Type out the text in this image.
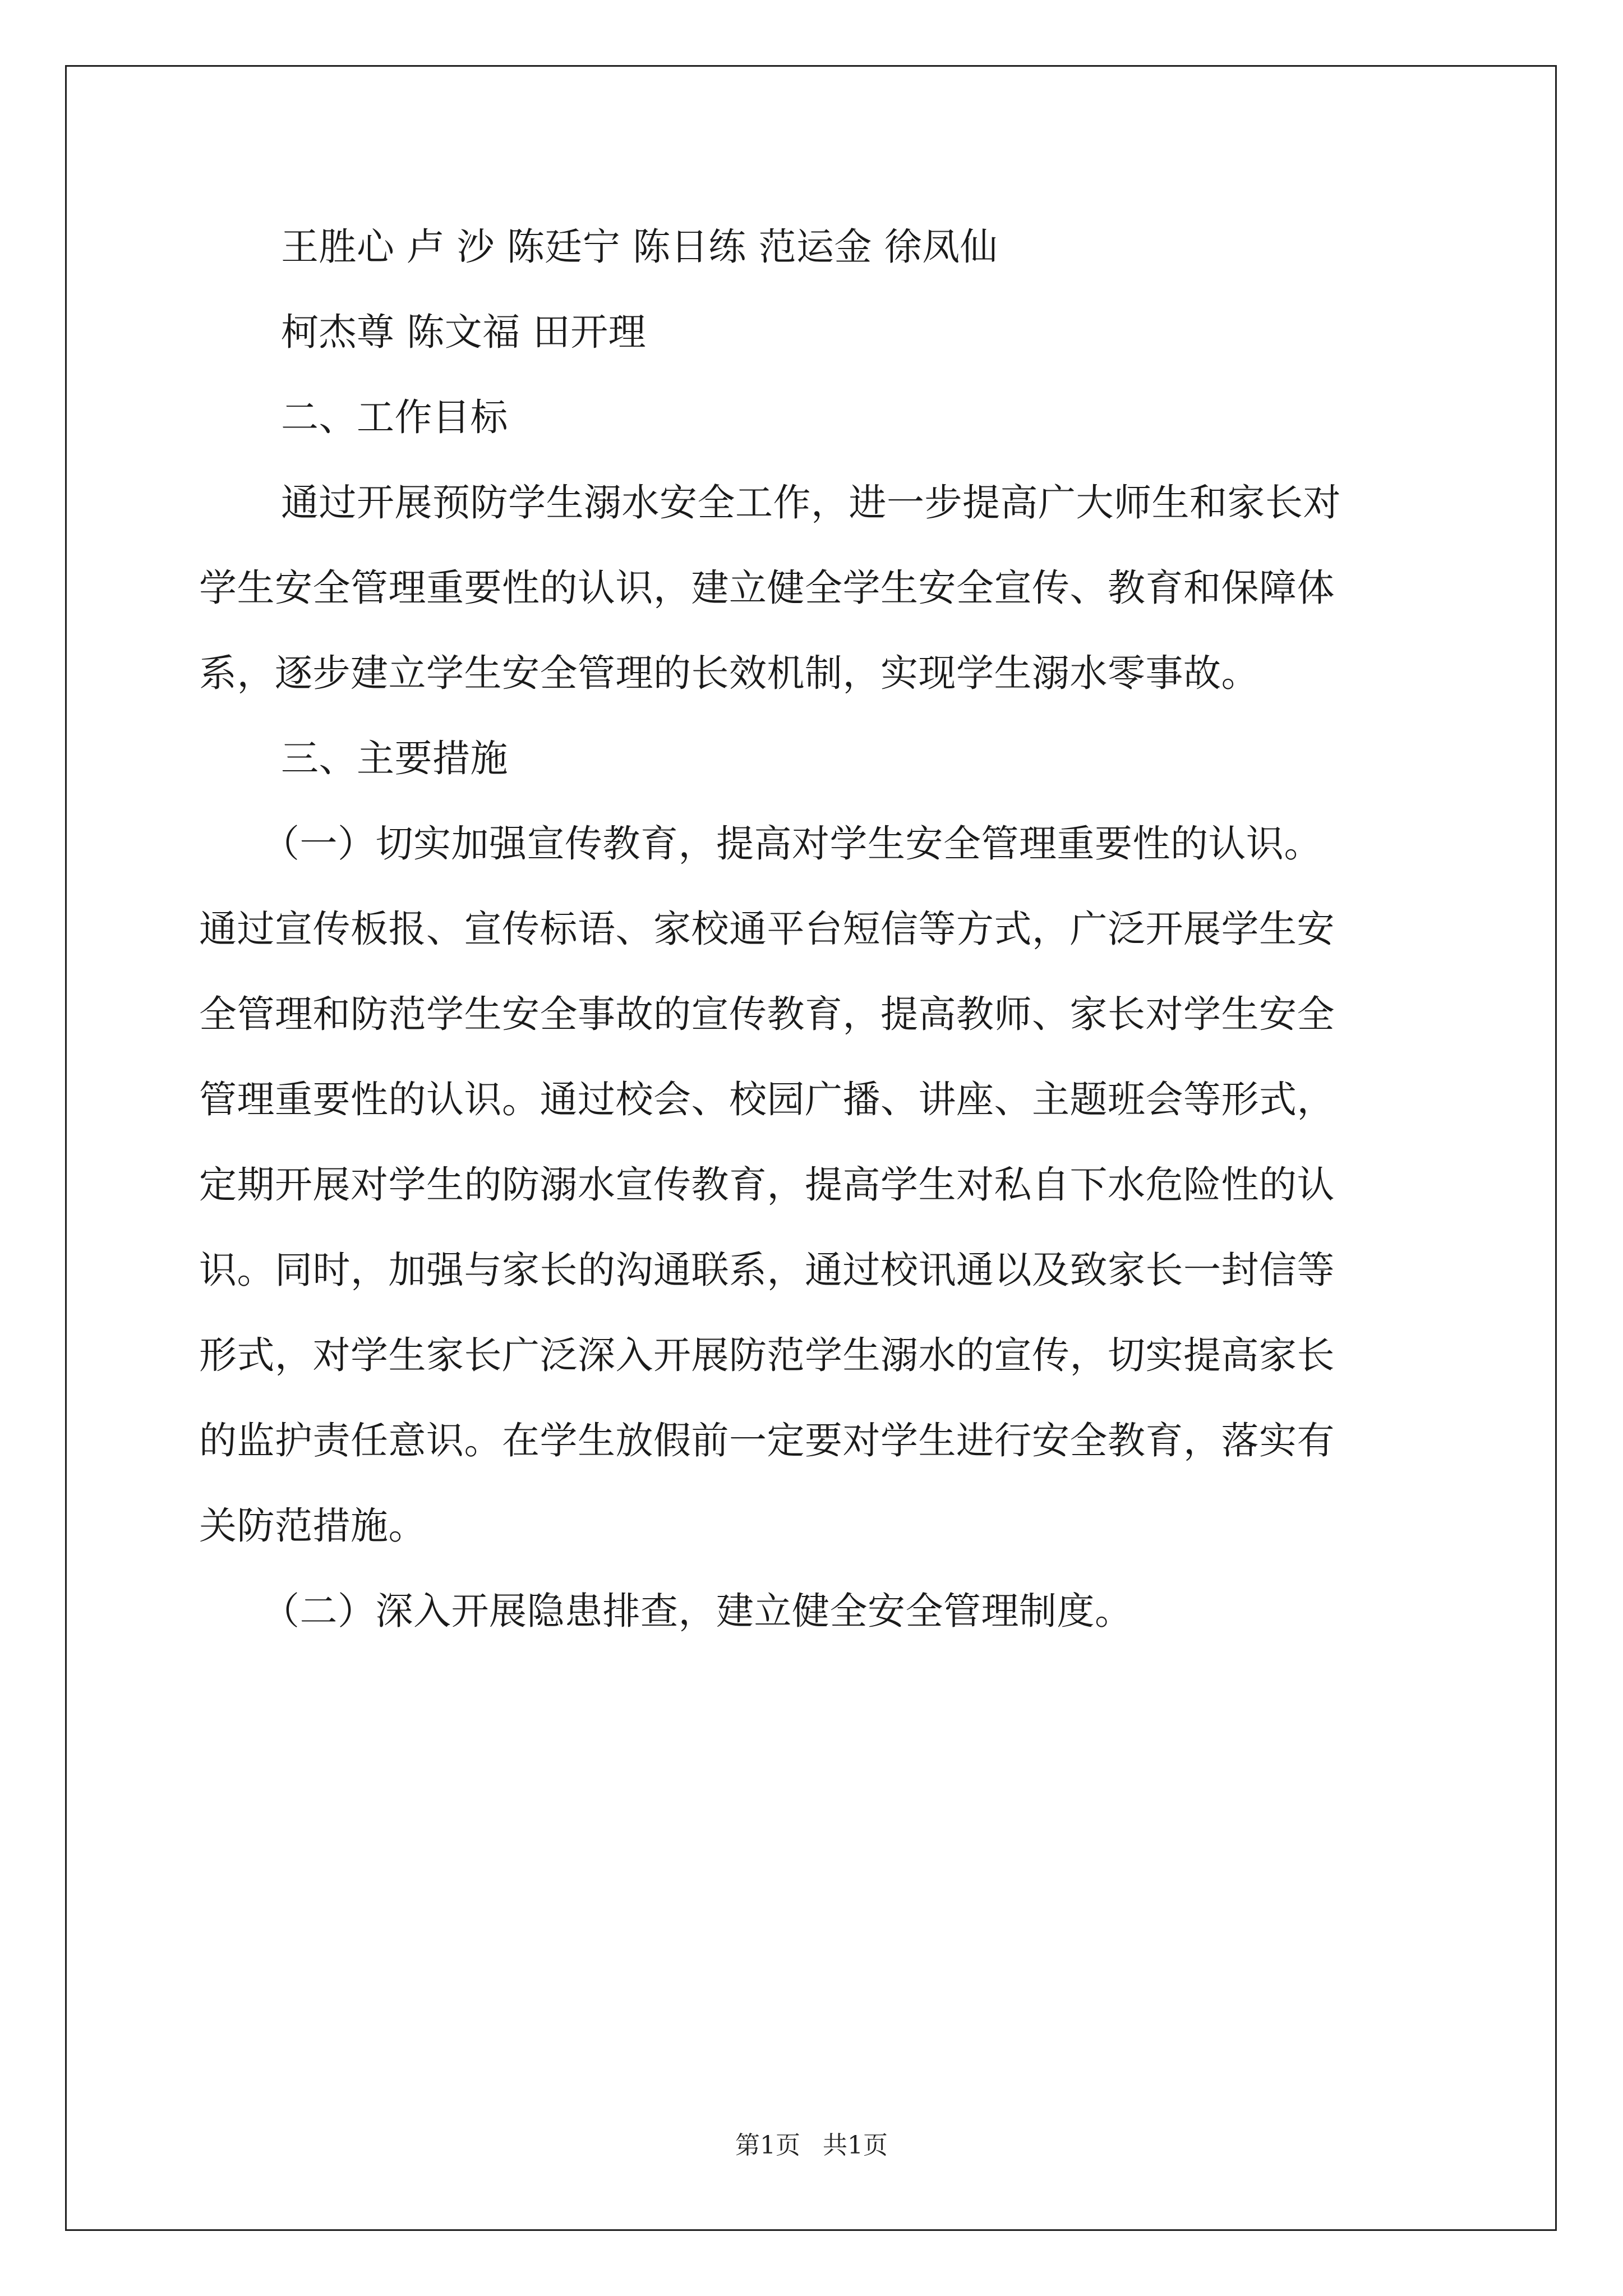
王胜心 卢 沙 陈廷宁 陈日练 范运金 徐凤仙

柯杰尊 陈文福 田开理

二、工作目标

通过开展预防学生溺水安全工作，进一步提高广大师生和家长对

学生安全管理重要性的认识，建立健全学生安全宣传、教育和保障体

系，逐步建立学生安全管理的长效机制，实现学生溺水零事故。

三、主要措施

（一）切实加强宣传教育，提高对学生安全管理重要性的认识。

通过宣传板报、宣传标语、家校通平台短信等方式，广泛开展学生安

全管理和防范学生安全事故的宣传教育，提高教师、家长对学生安全

管理重要性的认识。通过校会、校园广播、讲座、主题班会等形式，

定期开展对学生的防溺水宣传教育，提高学生对私自下水危险性的认

识。同时，加强与家长的沟通联系，通过校讯通以及致家长一封信等

形式，对学生家长广泛深入开展防范学生溺水的宣传，切实提高家长

的监护责任意识。在学生放假前一定要对学生进行安全教育，落实有

关防范措施。

（二）深入开展隐患排查，建立健全安全管理制度。

第1页 共1页
